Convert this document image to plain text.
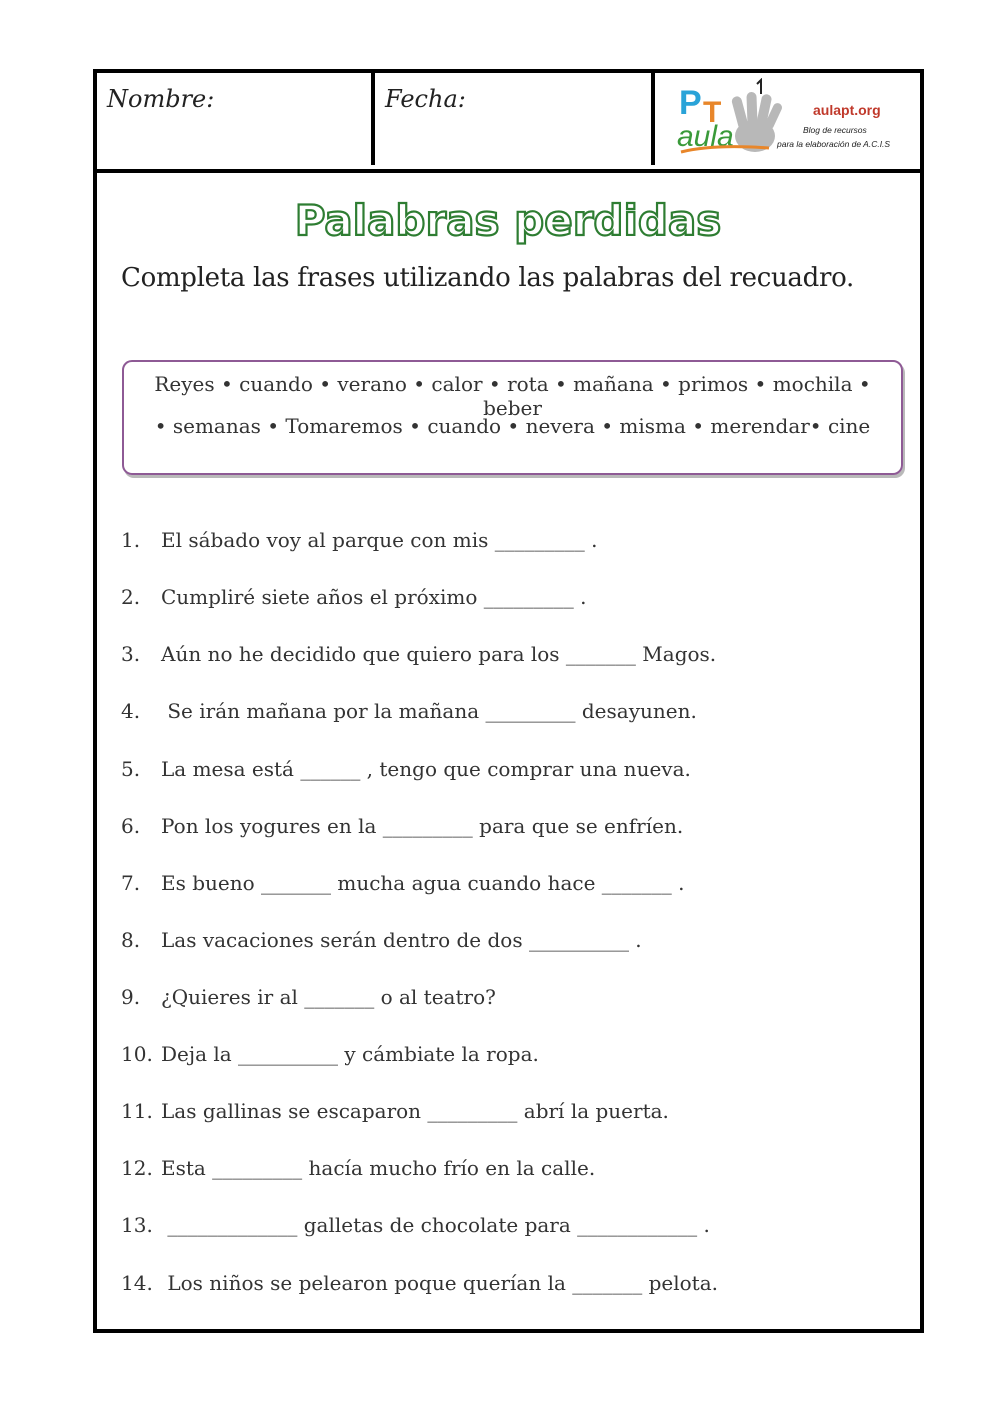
Nombre:	Fecha:	P T
aula
aulapt.org
Blog de recursos
para la elaboración de A.C.I.S
Palabras perdidas
Completa las frases utilizando las palabras del recuadro.
Reyes • cuando • verano • calor • rota • mañana • primos • mochila • beber
• semanas • Tomaremos • cuando • nevera • misma • merendar• cine
1. El sábado voy al parque con mis _________ .
2. Cumpliré siete años el próximo _________ .
3. Aún no he decidido que quiero para los _______ Magos.
4. Se irán mañana por la mañana _________ desayunen.
5. La mesa está ______ , tengo que comprar una nueva.
6. Pon los yogures en la _________ para que se enfríen.
7. Es bueno _______ mucha agua cuando hace _______ .
8. Las vacaciones serán dentro de dos __________ .
9. ¿Quieres ir al _______ o al teatro?
10. Deja la __________ y cámbiate la ropa.
11. Las gallinas se escaparon _________ abrí la puerta.
12. Esta _________ hacía mucho frío en la calle.
13. _____________ galletas de chocolate para ____________ .
14. Los niños se pelearon poque querían la _______ pelota.
